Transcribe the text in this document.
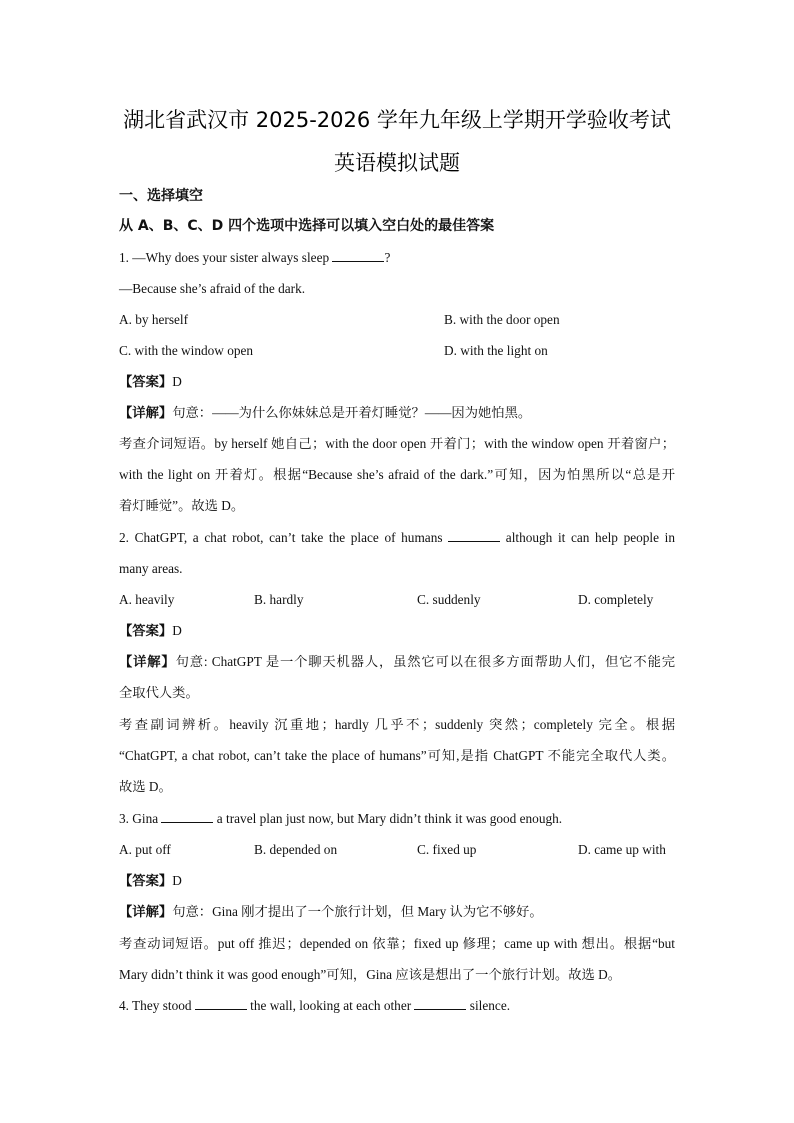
湖北省武汉市 2025-2026 学年九年级上学期开学验收考试
英语模拟试题
一、选择填空
从 A、B、C、D 四个选项中选择可以填入空白处的最佳答案
1. —Why does your sister always sleep	?
—Because she’s afraid of the dark.
A. by herself	B. with the door open
C. with the window open	D. with the light on
【答案】D
【详解】句意：——为什么你妹妹总是开着灯睡觉？——因为她怕黑。
考查介词短语。by herself 她自己；with the door open 开着门；with the window open 开着窗户；
with the light on 开着灯。根据“Because she’s afraid of the dark.”可知，因为怕黑所以“总是开
着灯睡觉”。故选 D。
2. ChatGPT, a chat robot, can’t take the place of humans	although it can help people in
many areas.
A. heavily	B. hardly	C. suddenly	D. completely
【答案】D
【详解】句意: ChatGPT 是一个聊天机器人，虽然它可以在很多方面帮助人们，但它不能完
全取代人类。
考查副词辨析。heavily 沉重地；hardly 几乎不；suddenly 突然；completely 完全。根据
“ChatGPT, a chat robot, can’t take the place of humans”可知,是指 ChatGPT 不能完全取代人类。
故选 D。
3. Gina	a travel plan just now, but Mary didn’t think it was good enough.
A. put off	B. depended on	C. fixed up	D. came up with
【答案】D
【详解】句意：Gina 刚才提出了一个旅行计划，但 Mary 认为它不够好。
考查动词短语。put off 推迟；depended on 依靠；fixed up 修理；came up with 想出。根据“but
Mary didn’t think it was good enough”可知，Gina 应该是想出了一个旅行计划。故选 D。
4. They stood	the wall, looking at each other	silence.
